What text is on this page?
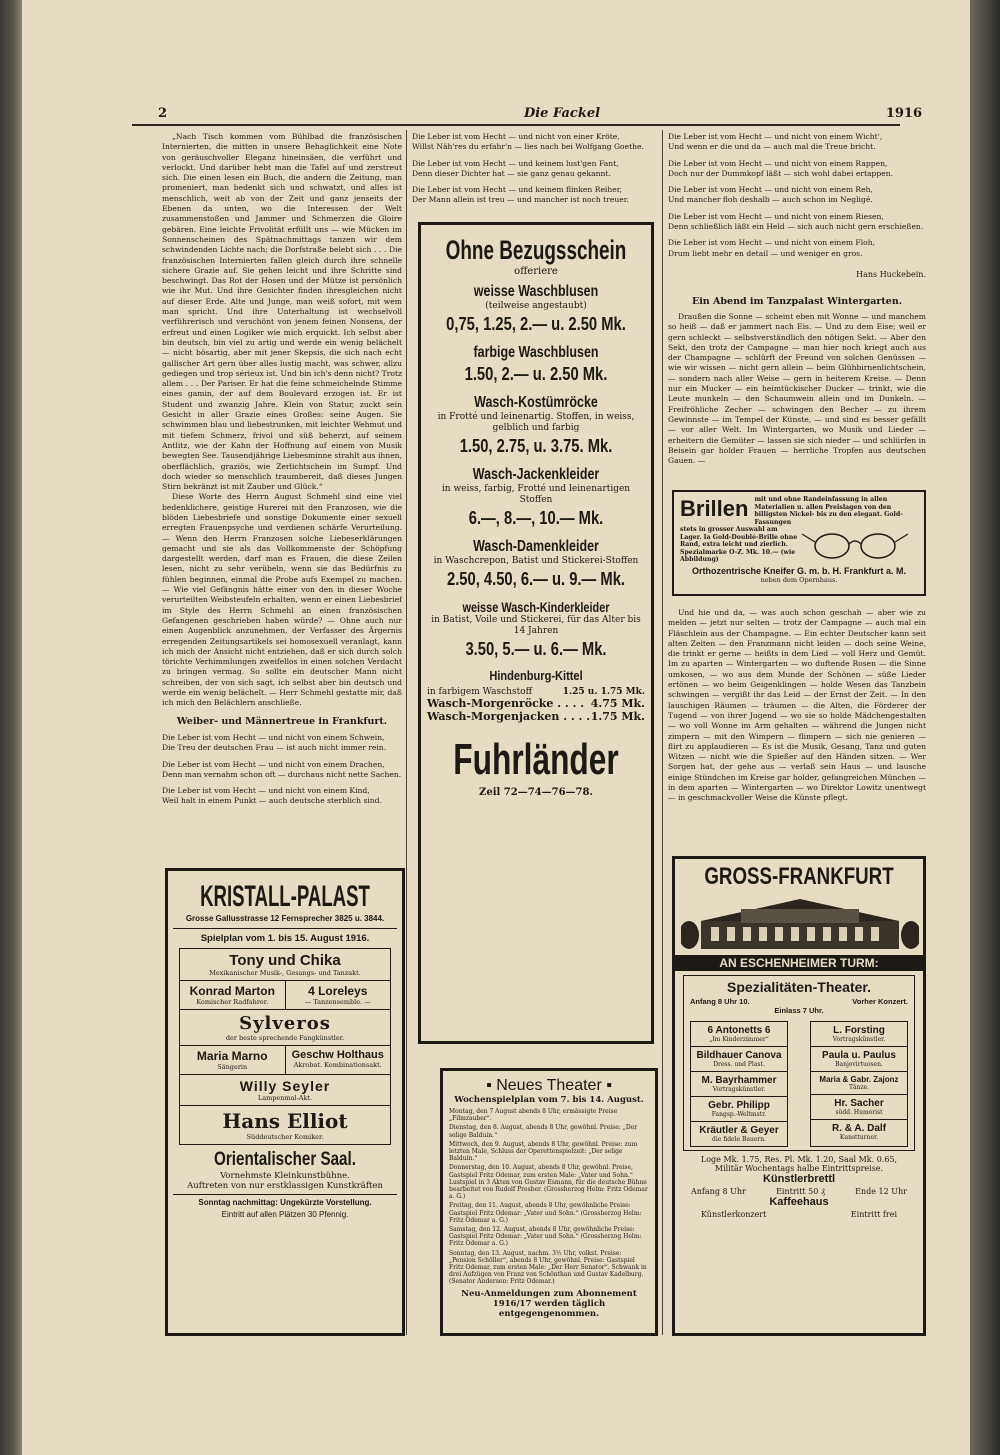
2	Die Fackel	1916

„Nach Tisch kommen vom Bühlbad die französischen Internierten, die mitten in unsere Behaglichkeit eine Note von geräuschvoller Eleganz hineinsäen, die verführt und verlockt. Und darüber hebt man die Tafel auf und zerstreut sich. Die einen lesen ein Buch, die andern die Zeitung, man promeniert, man bedenkt sich und schwatzt, und alles ist menschlich, weit ab von der Zeit und ganz jenseits der Ebenen da unten, wo die Interessen der Welt zusammenstoßen und Jammer und Schmerzen die Gloire gebären. Eine leichte Frivolität erfüllt uns — wie Mücken im Sonnenscheinen des Spätnachmittags tanzen wir dem schwindenden Lichte nach; die Dorfstraße belebt sich . . . Die französischen Internierten fallen gleich durch ihre schnelle sichere Grazie auf. Sie gehen leicht und ihre Schritte sind beschwingt. Das Rot der Hosen und der Mütze ist persönlich wie ihr Mut. Und ihre Gesichter finden ihresgleichen nicht auf dieser Erde. Alte und Junge, man weiß sofort, mit wem man spricht. Und ihre Unterhaltung ist wechselvoll verführerisch und verschönt von jenem feinen Nonsens, der erfreut und einen Logiker wie mich erquickt. Ich selbst aber bin deutsch, bin viel zu artig und werde ein wenig belächelt — nicht bösartig, aber mit jener Skepsis, die sich nach echt gallischer Art gern über alles lustig macht, was schwer, allzu gediegen und trop sérieux ist. Und bin ich's denn nicht? Trotz allem . . . Der Pariser. Er hat die feine schmeichelnde Stimme eines gamin, der auf dem Boulevard erzogen ist. Er ist Student und zwanzig Jahre. Klein von Statur, zuckt sein Gesicht in aller Grazie eines Großes: seine Augen. Sie schwimmen blau und liebestrunken, mit leichter Wehmut und mit tiefem Schmerz, frivol und süß beherzt, auf seinem Antlitz, wie der Kahn der Hoffnung auf einem von Musik bewegten See. Tausendjährige Liebesminne strahlt aus ihnen, oberflächlich, graziös, wie Zerlichtschein im Sumpf. Und doch wieder so menschlich traumbereit, daß dieses Jungen Stirn bekränzt ist mit Zauber und Glück.“

Diese Worte des Herrn August Schmehl sind eine viel bedenklichere, geistige Hurerei mit den Franzosen, wie die blöden Liebesbriefe und sonstige Dokumente einer sexuell erregten Frauenpsyche und verdienen schärfe Verurteilung. — Wenn den Herrn Franzosen solche Liebeserklärungen gemacht und sie als das Vollkommenste der Schöpfung dargestellt werden, darf man es Frauen, die diese Zeilen lesen, nicht zu sehr verübeln, wenn sie das Bedürfnis zu fühlen beginnen, einmal die Probe aufs Exempel zu machen. — Wie viel Gefängnis hätte einer von den in dieser Woche verurteilten Weibsteufeln erhalten, wenn er einen Liebesbrief im Style des Herrn Schmehl an einen französischen Gefangenen geschrieben haben würde? — Ohne auch nur einen Augenblick anzunehmen, der Verfasser des Ärgernis erregenden Zeitungsartikels sei homosexuell veranlagt, kann ich mich der Ansicht nicht entziehen, daß er sich durch solch törichte Verhimmlungen zweifellos in einen solchen Verdacht zu bringen vermag. So sollte ein deutscher Mann nicht schreiben, der von sich sagt, ich selbst aber bin deutsch und werde ein wenig belächelt. — Herr Schmehl gestatte mir, daß ich mich den Belächlern anschließe.

Weiber- und Männertreue in Frankfurt.
Die Leber ist vom Hecht — und nicht von einem Schwein,
Die Treu der deutschen Frau — ist auch nicht immer rein.
Die Leber ist vom Hecht — und nicht von einem Drachen,
Denn man vernahm schon oft — durchaus nicht nette Sachen.
Die Leber ist vom Hecht — und nicht von einem Kind,
Weil halt in einem Punkt — auch deutsche sterblich sind.
Die Leber ist vom Hecht — und nicht von einer Kröte,
Willst Näh'res du erfahr'n — lies nach bei Wolfgang Goethe.
Die Leber ist vom Hecht — und keinem lust'gen Fant,
Denn dieser Dichter hat — sie ganz genau gekannt.
Die Leber ist vom Hecht — und keinem flinken Reiher,
Der Mann allein ist treu — und mancher ist noch treuer.
Ohne Bezugsschein
offeriere
weisse Waschblusen
(teilweise angestaubt)
0,75, 1.25, 2.— u. 2.50 Mk.
farbige Waschblusen
1.50, 2.— u. 2.50 Mk.
Wasch-Kostümröcke
in Frotté und leinenartig. Stoffen, in weiss, gelblich und farbig
1.50, 2.75, u. 3.75. Mk.
Wasch-Jackenkleider
in weiss, farbig, Frotté und leinenartigen Stoffen
6.—, 8.—, 10.— Mk.
Wasch-Damenkleider
in Waschcrepon, Batist und Stickerei-Stoffen
2.50, 4.50, 6.— u. 9.— Mk.
weisse Wasch-Kinderkleider
in Batist, Voile und Stickerei, für das Alter bis 14 Jahren
3.50, 5.— u. 6.— Mk.
Hindenburg-Kittel
in farbigem Waschstoff	1.25 u. 1.75 Mk.
Wasch-Morgenröcke . . . . 4.75 Mk.
Wasch-Morgenjacken . . . . 1.75 Mk.
Fuhrländer
Zeil 72—74—76—78.
▪ Neues Theater ▪
Wochenspielplan vom 7. bis 14. August.
Montag, den 7 August abends 8 Uhr, ermässigte Preise „Filmzauber“.
Dienstag, den 8. August, abends 8 Uhr, gewöhnl. Preise: „Der selige Balduin.“
Mittwoch, den 9. August, abends 8 Uhr, gewöhnl. Preise: zum letzten Male, Schluss der Operettenspielzeit: „Der selige Balduin.“
Donnerstag, den 10. August, abends 8 Uhr, gewöhnl. Preise, Gastspiel Fritz Odemar, zum ersten Male: „Vater und Sohn.“ Lustspiel in 3 Akten von Gustav Esmann, für die deutsche Bühne bearbeitet von Rudolf Presber. (Grossherzog Helm: Fritz Odemar a. G.)
Freitag, den 11. August, abends 8 Uhr, gewöhnliche Preise: Gastspiel Fritz Odemar: „Vater und Sohn.“ (Grossherzog Helm: Fritz Odemar a. G.)
Samstag, den 12. August, abends 8 Uhr, gewöhnliche Preise: Gastspiel Fritz Odemar: „Vater und Sohn.“ (Grossherzog Helm: Fritz Odemar a. G.)
Sonntag, den 13. August, nachm. 3½ Uhr, volkst. Preise: „Pension Schöller“, abends 8 Uhr, gewöhnl. Preise: Gastspiel Fritz Odemar, zum ersten Male: „Der Herr Senator“. Schwank in drei Aufzügen von Franz von Schönthan und Gustav Kadelburg. (Senator Andersen: Fritz Odemar.)
Neu-Anmeldungen zum Abonnement
1916/17 werden täglich entgegengenommen.
KRISTALL-PALAST
Grosse Gallusstrasse 12 Fernsprecher 3825 u. 3844.
Spielplan vom 1. bis 15. August 1916.
Tony und Chika
Mexikanischer Musik-, Gesangs- und Tanzakt.
Konrad Marton
Komischer Radfahrer.
4 Loreleys
— Tanzensemble. —
Sylveros
der beste sprechende Fangkünstler.
Maria Marno
Sängerin
Geschw Holthaus
Akrobat. Kombinationsakt.
Willy Seyler
Lampenmal-Akt.
Hans Elliot
Süddeutscher Komiker.
Orientalischer Saal.
Vornehmste Kleinkunstbühne.
Auftreten von nur erstklassigen Kunstkräften
Sonntag nachmittag: Ungekürzte Vorstellung.
Eintritt auf allen Plätzen 30 Pfennig.
Die Leber ist vom Hecht — und nicht von einem Wicht',
Und wenn er die und da — auch mal die Treue bricht.
Die Leber ist vom Hecht — und nicht von einem Rappen,
Doch nur der Dummkopf läßt — sich wohl dabei ertappen.
Die Leber ist vom Hecht — und nicht von einem Reh,
Und mancher floh deshalb — auch schon im Negligé.
Die Leber ist vom Hecht — und nicht von einem Riesen,
Denn schließlich läßt ein Held — sich auch nicht gern erschießen.
Die Leber ist vom Hecht — und nicht von einem Floh,
Drum liebt mehr en detail — und weniger en gros.
Hans Huckebein.
Ein Abend im Tanzpalast Wintergarten.

Draußen die Sonne — scheint eben mit Wonne — und manchem so heiß — daß er jammert nach Eis. — Und zu dem Eise; weil er gern schleckt — selbstverständlich den nötigen Sekt. — Aber den Sekt, den trotz der Campagne — man hier noch kriegt auch aus der Champagne — schlürft der Freund von solchen Genüssen — wie wir wissen — nicht gern allein — beim Glühbirnenlichtschein, — sondern nach aller Weise — gern in heiterem Kreise. — Denn nur ein Mucker — ein heimtückischer Ducker — trinkt, wie die Leute munkeln — den Schaumwein allein und im Dunkeln. — Freifröhliche Zecher — schwingen den Becher — zu ihrem Gewinnste — im Tempel der Künste, — und sind es besser gefällt — vor aller Welt. Im Wintergarten, wo Musik und Lieder — erheitern die Gemüter — lassen sie sich nieder — und schlürfen in Beisein gar holder Frauen — herrliche Tropfen aus deutschen Gauen. —

Brillen mit und ohne Randeinfassung in allen Materialien u. allen Preislagen von den billigsten Nickel- bis zu den elegant. Gold-Fassungen
stets in grosser Auswahl am Lager. Ia Gold-Doublé-Brille ohne Rand, extra leicht und zierlich. Spezialmarke O-Z. Mk. 10.— (wie Abbildung)
Orthozentrische Kneifer G. m. b. H. Frankfurt a. M.
neben dem Opernhaus.

Und hie und da, — was auch schon geschah — aber wie zu melden — jetzt nur selten — trotz der Campagne — auch mal ein Fläschlein aus der Champagne. — Ein echter Deutscher kann seit alten Zeiten — den Franzmann nicht leiden — doch seine Weine, die trinkt er gerne — heißts in dem Lied — voll Herz und Gemüt. Im zu aparten — Wintergarten — wo duftende Rosen — die Sinne umkosen, — wo aus dem Munde der Schönen — süße Lieder ertönen — wo beim Geigenklingen — holde Wesen das Tanzbein schwingen — vergißt ihr das Leid — der Ernst der Zeit. — In den lauschigen Räumen — träumen — die Alten, die Förderer der Tugend — von ihrer Jugend — wo sie so holde Mädchengestalten — wo voll Wonne im Arm gehalten — während die Jungen nicht zimpern — mit den Wimpern — flimpern — sich nie genieren — flirt zu applaudieren — Es ist die Musik, Gesang, Tanz und guten Witzen — nicht wie die Spießer auf den Händen sitzen. — Wer Sorgen hat, der gehe aus — verlaß sein Haus — und lausche einige Stündchen im Kreise gar holder, gefangreichen München — in dem aparten — Wintergarten — wo Direktor Lowitz unentwegt — in geschmackvoller Weise die Künste pflegt.

GROSS-FRANKFURT
AN ESCHENHEIMER TURM:
Spezialitäten-Theater.
Anfang 8 Uhr 10.	Vorher Konzert.
Einlass 7 Uhr.
6 Antonetts 6
„Im Kinderzimmer“
Bildhauer Canova
Dress. und Plast.
M. Bayrhammer
Vortragskünstler.
Gebr. Philipp
Fangsp.-Weltmstr.
Kräutler & Geyer
die fidele Bauern.
L. Forsting
Vortragskünstler.
Paula u. Paulus
Banjovirtuosen.
Maria & Gabr. Zajonz
Tänze.
Hr. Sacher
südd. Humorist
R. & A. Dalf
Kunstturner.
Loge Mk. 1.75, Res. Pl. Mk. 1.20, Saal Mk. 0.65,
Militär Wochentags halbe Eintrittspreise.
Künstlerbrettl
Anfang 8 Uhr	Eintritt 50 ₰	Ende 12 Uhr
Kaffeehaus
Künstlerkonzert	Eintritt frei
